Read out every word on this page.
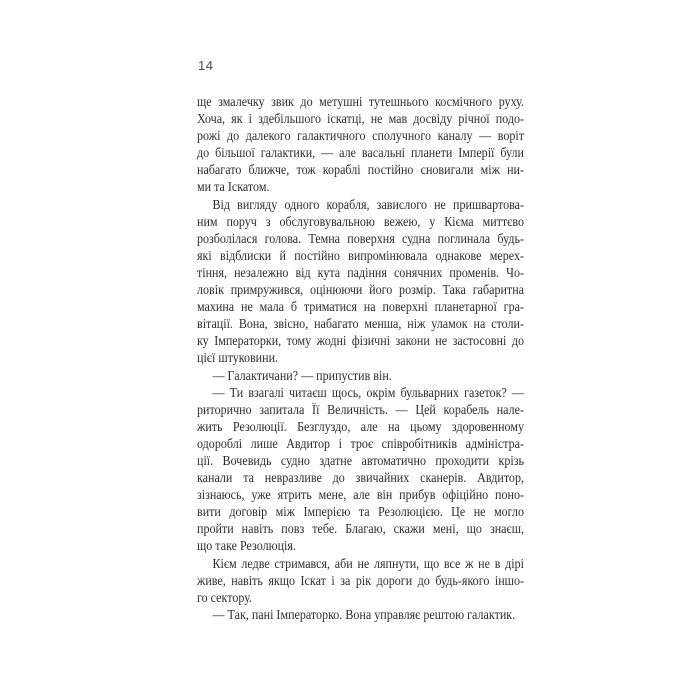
14
ще змалечку звик до метушні тутешнього космічного руху.
Хоча, як і здебільшого іскатці, не мав досвіду річної подо-
рожі до далекого галактичного сполучного каналу — воріт
до більшої галактики, — але васальні планети Імперії були
набагато ближче, тож кораблі постійно сновигали між ни-
ми та Іскатом.
Від вигляду одного корабля, завислого не пришвартова-
ним поруч з обслуговувальною вежею, у Кієма миттєво
розболілася голова. Темна поверхня судна поглинала будь-
які відблиски й постійно випромінювала однакове мерех-
тіння, незалежно від кута падіння сонячних променів. Чо-
ловік примружився, оцінюючи його розмір. Така габаритна
махина не мала б триматися на поверхні планетарної гра-
вітації. Вона, звісно, набагато менша, ніж уламок на столи-
ку Імператорки, тому жодні фізичні закони не застосовні до
цієї штуковини.
— Галактичани? — припустив він.
— Ти взагалі читаєш щось, окрім бульварних газеток? —
риторично запитала Її Величність. — Цей корабель нале-
жить Резолюції. Безглуздо, але на цьому здоровенному
одороблі лише Авдитор і троє співробітників адміністра-
ції. Вочевидь судно здатне автоматично проходити крізь
канали та невразливе до звичайних сканерів. Авдитор,
зізнаюсь, уже ятрить мене, але він прибув офіційно поно-
вити договір між Імперією та Резолюцією. Це не могло
пройти навіть повз тебе. Благаю, скажи мені, що знаєш,
що таке Резолюція.
Кієм ледве стримався, аби не ляпнути, що все ж не в дірі
живе, навіть якщо Іскат і за рік дороги до будь-якого іншо-
го сектору.
— Так, пані Імператорко. Вона управляє рештою галактик.
